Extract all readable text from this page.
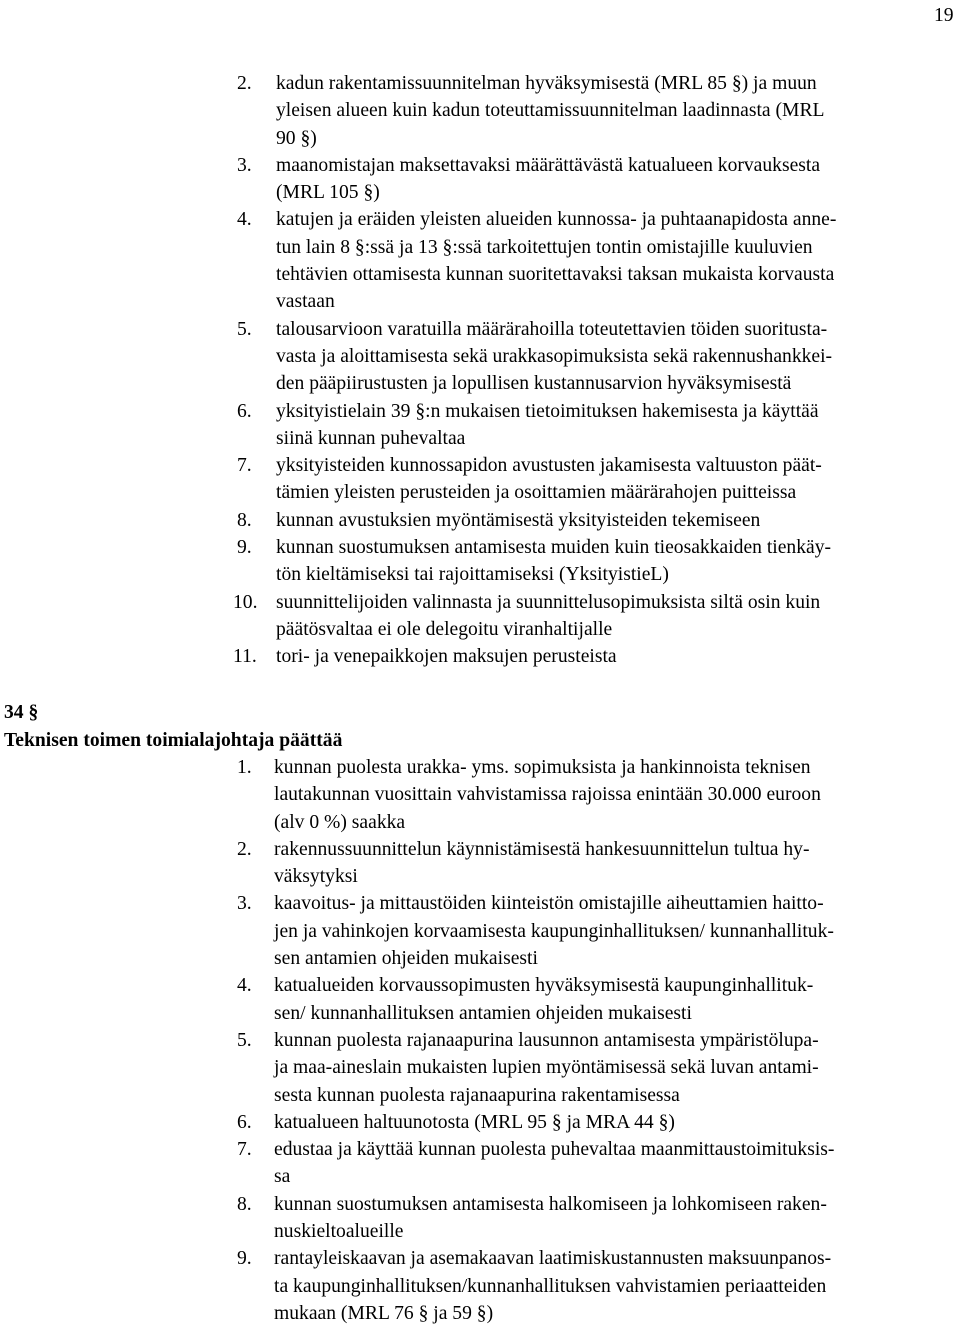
19
2. kadun rakentamissuunnitelman hyväksymisestä (MRL 85 §) ja muun
yleisen alueen kuin kadun toteuttamissuunnitelman laadinnasta (MRL
90 §)
3. maanomistajan maksettavaksi määrättävästä katualueen korvauksesta
(MRL 105 §)
4. katujen ja eräiden yleisten alueiden kunnossa- ja puhtaanapidosta anne-
tun lain 8 §:ssä ja 13 §:ssä tarkoitettujen tontin omistajille kuuluvien
tehtävien ottamisesta kunnan suoritettavaksi taksan mukaista korvausta
vastaan
5. talousarvioon varatuilla määrärahoilla toteutettavien töiden suoritusta-
vasta ja aloittamisesta sekä urakkasopimuksista sekä rakennushankkei-
den pääpiirustusten ja lopullisen kustannusarvion hyväksymisestä
6. yksityistielain 39 §:n mukaisen tietoimituksen hakemisesta ja käyttää
siinä kunnan puhevaltaa
7. yksityisteiden kunnossapidon avustusten jakamisesta valtuuston päät-
tämien yleisten perusteiden ja osoittamien määrärahojen puitteissa
8. kunnan avustuksien myöntämisestä yksityisteiden tekemiseen
9. kunnan suostumuksen antamisesta muiden kuin tieosakkaiden tienkäy-
tön kieltämiseksi tai rajoittamiseksi (YksityistieL)
10. suunnittelijoiden valinnasta ja suunnittelusopimuksista siltä osin kuin
päätösvaltaa ei ole delegoitu viranhaltijalle
11. tori- ja venepaikkojen maksujen perusteista
34 §
Teknisen toimen toimialajohtaja päättää
1. kunnan puolesta urakka- yms. sopimuksista ja hankinnoista teknisen
lautakunnan vuosittain vahvistamissa rajoissa enintään 30.000 euroon
(alv 0 %) saakka
2. rakennussuunnittelun käynnistämisestä hankesuunnittelun tultua hy-
väksytyksi
3. kaavoitus- ja mittaustöiden kiinteistön omistajille aiheuttamien haitto-
jen ja vahinkojen korvaamisesta kaupunginhallituksen/ kunnanhallituk-
sen antamien ohjeiden mukaisesti
4. katualueiden korvaussopimusten hyväksymisestä kaupunginhallituk-
sen/ kunnanhallituksen antamien ohjeiden mukaisesti
5. kunnan puolesta rajanaapurina lausunnon antamisesta ympäristölupa-
ja maa-aineslain mukaisten lupien myöntämisessä sekä luvan antami-
sesta kunnan puolesta rajanaapurina rakentamisessa
6. katualueen haltuunotosta (MRL 95 § ja MRA 44 §)
7. edustaa ja käyttää kunnan puolesta puhevaltaa maanmittaustoimituksis-
sa
8. kunnan suostumuksen antamisesta halkomiseen ja lohkomiseen raken-
nuskieltoalueille
9. rantayleiskaavan ja asemakaavan laatimiskustannusten maksuunpanos-
ta kaupunginhallituksen/kunnanhallituksen vahvistamien periaatteiden
mukaan (MRL 76 § ja 59 §)
